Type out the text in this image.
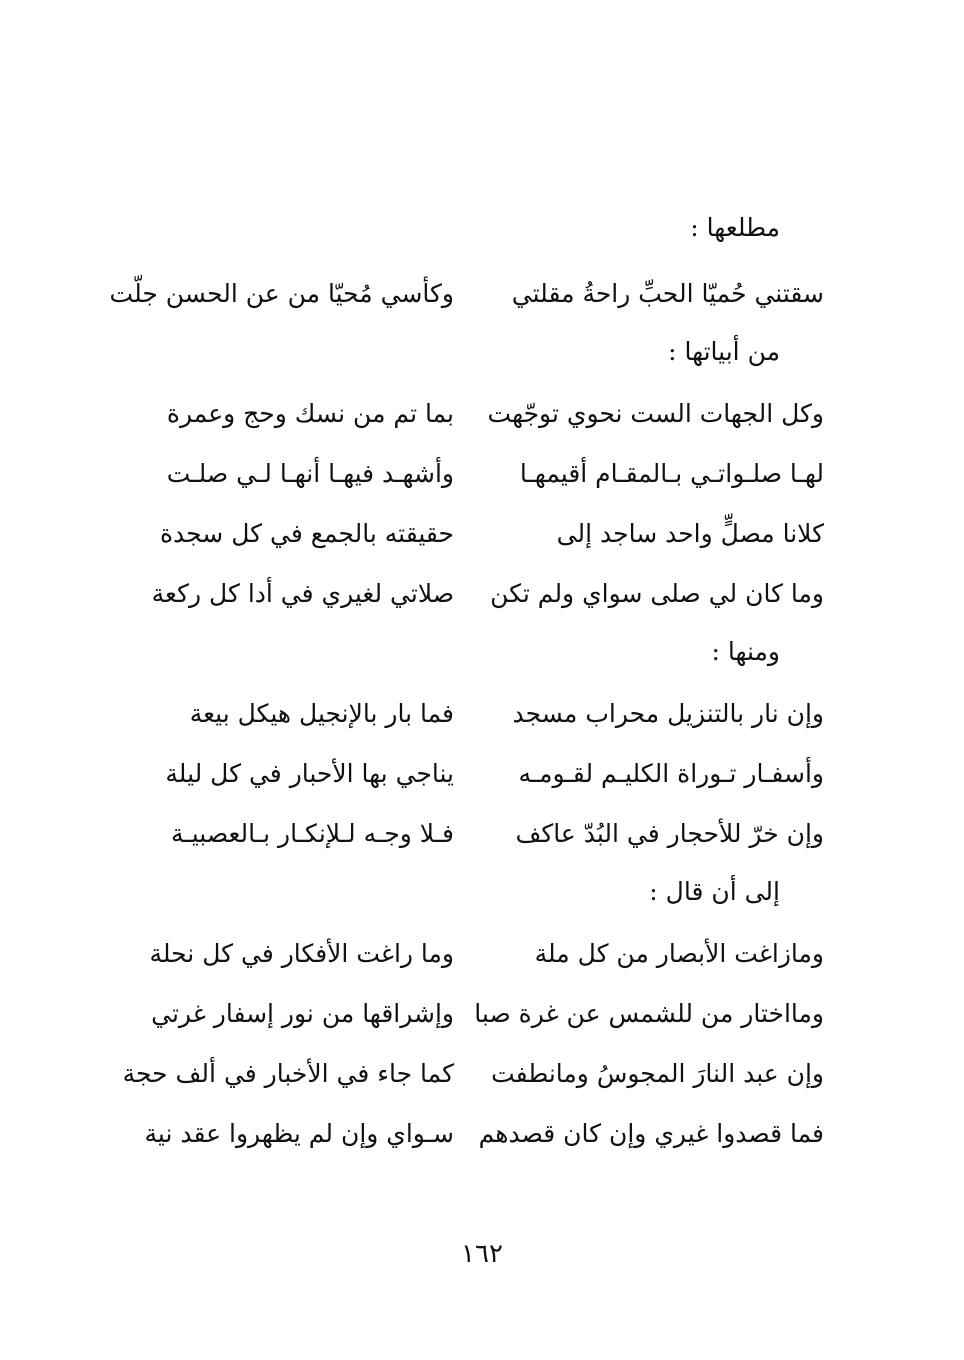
مطلعها :
سقتني حُميّا الحبِّ راحةُ مقلتي
وكأسي مُحيّا من عن الحسن جلّت
من أبياتها :
وكل الجهات الست نحوي توجّهت
بما تم من نسك وحج وعمرة
لهـا صلـواتـي بـالمقـام أقيمهـا
وأشهـد فيهـا أنهـا لـي صلـت
كلانا مصلٍّ واحد ساجد إلى
حقيقته بالجمع في كل سجدة
وما كان لي صلى سواي ولم تكن
صلاتي لغيري في أدا كل ركعة
ومنها :
وإن نار بالتنزيل محراب مسجد
فما بار بالإنجيل هيكل بيعة
وأسفـار تـوراة الكليـم لقـومـه
يناجي بها الأحبار في كل ليلة
وإن خرّ للأحجار في البُدّ عاكف
فـلا وجـه لـلإنكـار بـالعصبيـة
إلى أن قال :
ومازاغت الأبصار من كل ملة
وما راغت الأفكار في كل نحلة
ومااختار من للشمس عن غرة صبا
وإشراقها من نور إسفار غرتي
وإن عبد النارَ المجوسُ ومانطفت
كما جاء في الأخبار في ألف حجة
فما قصدوا غيري وإن كان قصدهم
سـواي وإن لم يظهروا عقد نية
١٦٢
